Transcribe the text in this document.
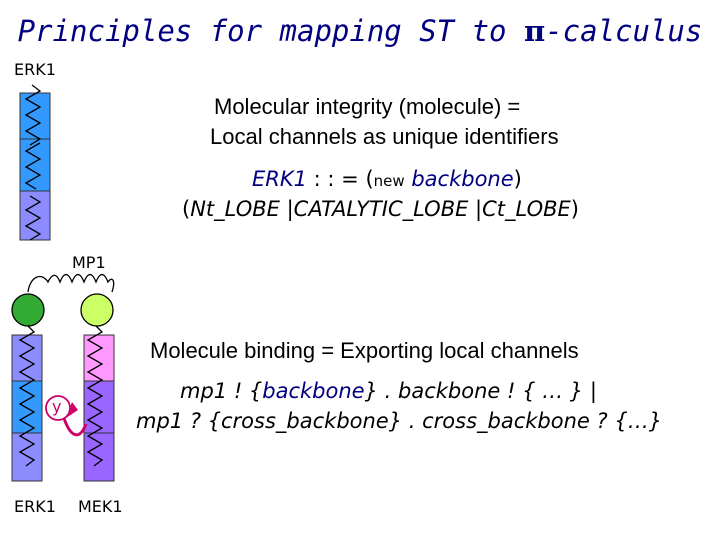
Principles for mapping ST to π-calculus
ERK1
MP1
y
ERK1 MEK1
Molecular integrity (molecule) =
Local channels as unique identifiers
ERK1 : : = (new backbone)
(Nt_LOBE |CATALYTIC_LOBE |Ct_LOBE)
Molecule binding = Exporting local channels
mp1 ! {backbone} . backbone ! { … } |
mp1 ? {cross_backbone} . cross_backbone ? {…}
